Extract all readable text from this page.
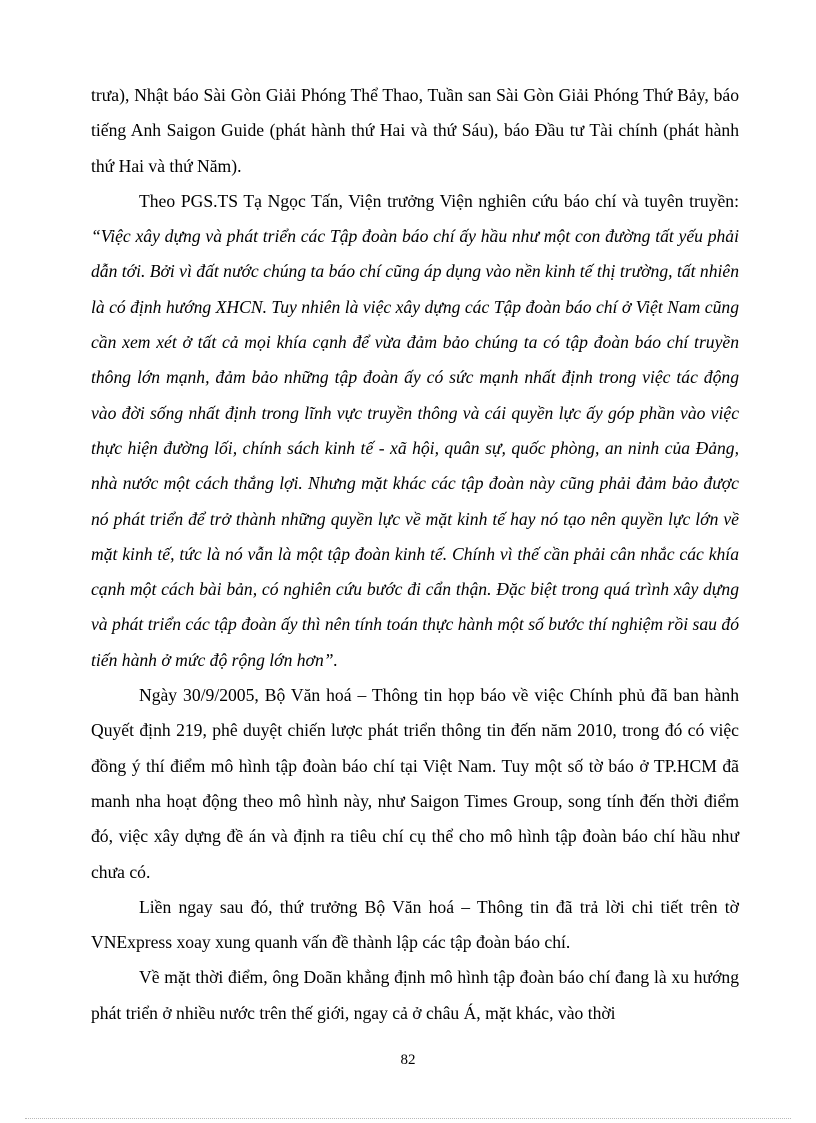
trưa), Nhật báo Sài Gòn Giải Phóng Thể Thao, Tuần san Sài Gòn Giải Phóng Thứ Bảy, báo tiếng Anh Saigon Guide (phát hành thứ Hai và thứ Sáu), báo Đầu tư Tài chính (phát hành thứ Hai và thứ Năm).

Theo PGS.TS Tạ Ngọc Tấn, Viện trưởng Viện nghiên cứu báo chí và tuyên truyền: “Việc xây dựng và phát triển các Tập đoàn báo chí ấy hầu như một con đường tất yếu phải dẫn tới. Bởi vì đất nước chúng ta báo chí cũng áp dụng vào nền kinh tế thị trường, tất nhiên là có định hướng XHCN. Tuy nhiên là việc xây dựng các Tập đoàn báo chí ở Việt Nam cũng cần xem xét ở tất cả mọi khía cạnh để vừa đảm bảo chúng ta có tập đoàn báo chí truyền thông lớn mạnh, đảm bảo những tập đoàn ấy có sức mạnh nhất định trong việc tác động vào đời sống nhất định trong lĩnh vực truyền thông và cái quyền lực ấy góp phần vào việc thực hiện đường lối, chính sách kinh tế - xã hội, quân sự, quốc phòng, an ninh của Đảng, nhà nước một cách thắng lợi. Nhưng mặt khác các tập đoàn này cũng phải đảm bảo được nó phát triển để trở thành những quyền lực về mặt kinh tế hay nó tạo nên quyền lực lớn về mặt kinh tế, tức là nó vẫn là một tập đoàn kinh tế. Chính vì thế cần phải cân nhắc các khía cạnh một cách bài bản, có nghiên cứu bước đi cẩn thận. Đặc biệt trong quá trình xây dựng và phát triển các tập đoàn ấy thì nên tính toán thực hành một số bước thí nghiệm rồi sau đó tiến hành ở mức độ rộng lớn hơn”.

Ngày 30/9/2005, Bộ Văn hoá – Thông tin họp báo về việc Chính phủ đã ban hành Quyết định 219, phê duyệt chiến lược phát triển thông tin đến năm 2010, trong đó có việc đồng ý thí điểm mô hình tập đoàn báo chí tại Việt Nam. Tuy một số tờ báo ở TP.HCM đã manh nha hoạt động theo mô hình này, như Saigon Times Group, song tính đến thời điểm đó, việc xây dựng đề án và định ra tiêu chí cụ thể cho mô hình tập đoàn báo chí hầu như chưa có.

Liền ngay sau đó, thứ trưởng Bộ Văn hoá – Thông tin đã trả lời chi tiết trên tờ VNExpress xoay xung quanh vấn đề thành lập các tập đoàn báo chí.

Về mặt thời điểm, ông Doãn khẳng định mô hình tập đoàn báo chí đang là xu hướng phát triển ở nhiều nước trên thế giới, ngay cả ở châu Á, mặt khác, vào thời

82
